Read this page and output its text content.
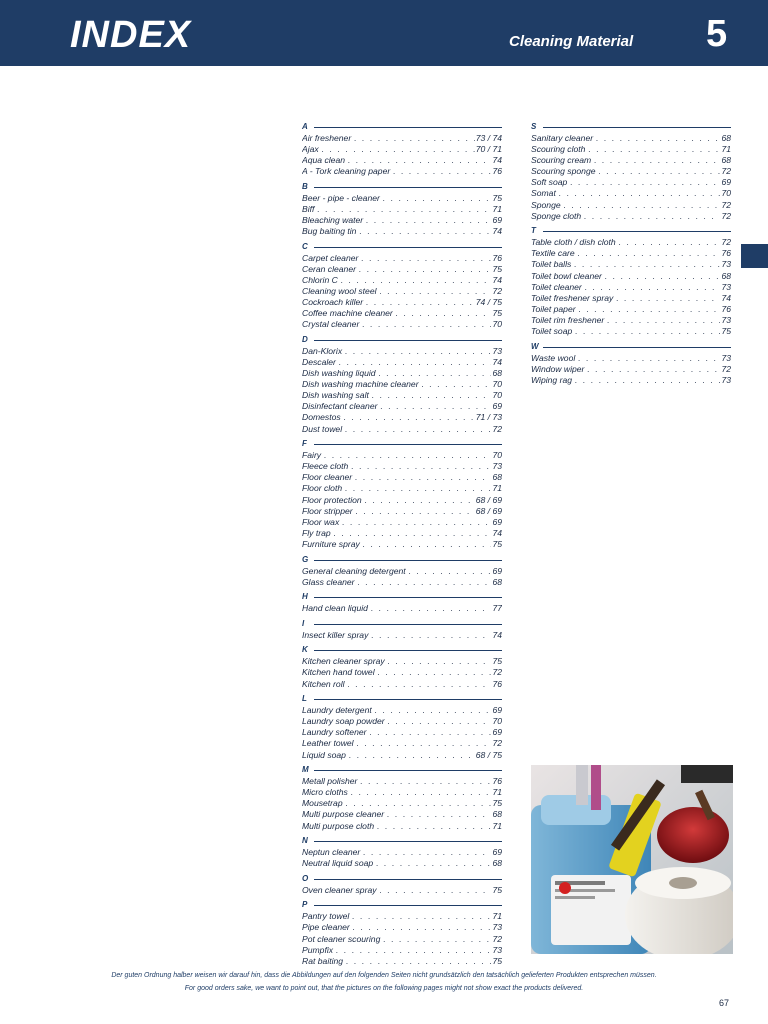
INDEX	Cleaning Material 5
A
Air freshener . . .	73 / 74
Ajax . . .	70 / 71
Aqua clean . . .	74
A - Tork cleaning paper . . .	76
B
Beer - pipe - cleaner . . .	75
Biff . . .	71
Bleaching water . . .	69
Bug baiting tin . . .	74
C
Carpet cleaner . . .	76
Ceran cleaner . . .	75
Chlorin C . . .	74
Cleaning wool steel . . .	72
Cockroach killer . . .	74 / 75
Coffee machine cleaner . . .	75
Crystal cleaner . . .	70
D
Dan-Klorix . . .	73
Descaler . . .	74
Dish washing liquid . . .	68
Dish washing machine cleaner . . .	70
Dish washing salt . . .	70
Disinfectant cleaner . . .	69
Domestos . . .	71 / 73
Dust towel . . .	72
F
Fairy . . .	70
Fleece cloth . . .	73
Floor cleaner . . .	68
Floor cloth . . .	71
Floor protection . . .	68 / 69
Floor stripper . . .	68 / 69
Floor wax . . .	69
Fly trap . . .	74
Furniture spray . . .	75
G
General cleaning detergent . . .	69
Glass cleaner . . .	68
H
Hand clean liquid . . .	77
I
Insect killer spray . . .	74
K
Kitchen cleaner spray . . .	75
Kitchen hand towel . . .	72
Kitchen roll . . .	76
L
Laundry detergent . . .	69
Laundry soap powder . . .	70
Laundry softener . . .	69
Leather towel . . .	72
Liquid soap . . .	68 / 75
M
Metall polisher . . .	76
Micro cloths . . .	71
Mousetrap . . .	75
Multi purpose cleaner . . .	68
Multi purpose cloth . . .	71
N
Neptun cleaner . . .	69
Neutral liquid soap . . .	68
O
Oven cleaner spray . . .	75
P
Pantry towel . . .	71
Pipe cleaner . . .	73
Pot cleaner scouring . . .	72
Pumpfix . . .	73
Rat baiting . . .	75
S
Sanitary cleaner . . .	68
Scouring cloth . . .	71
Scouring cream . . .	68
Scouring sponge . . .	72
Soft soap . . .	69
Somat . . .	70
Sponge . . .	72
Sponge cloth . . .	72
T
Table cloth / dish cloth . . .	72
Textile care . . .	76
Toilet balls . . .	73
Toilet bowl cleaner . . .	68
Toilet cleaner . . .	73
Toilet freshener spray . . .	74
Toilet paper . . .	76
Toilet rim freshener . . .	73
Toilet soap . . .	75
W
Waste wool . . .	73
Window wiper . . .	72
Wiping rag . . .	73
Der guten Ordnung halber weisen wir darauf hin, dass die Abbildungen auf den folgenden Seiten nicht grundsätzlich den tatsächlich gelieferten Produkten entsprechen müssen.
For good orders sake, we want to point out, that the pictures on the following pages might not show exact the products delivered.
67
